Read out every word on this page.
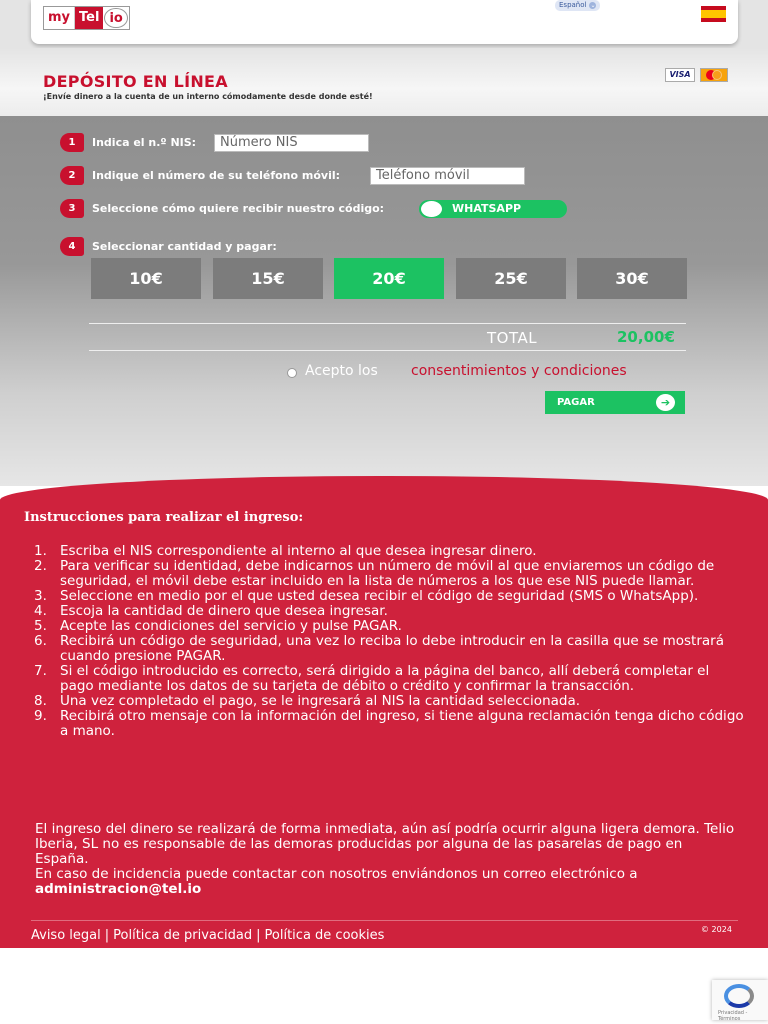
my Tel io
Español ⌄
DEPÓSITO EN LÍNEA
¡Envíe dinero a la cuenta de un interno cómodamente desde donde esté!
VISA
1	Indica el n.º NIS:	Número NIS
2	Indique el número de su teléfono móvil:	Teléfono móvil
3	Seleccione cómo quiere recibir nuestro código:	WHATSAPP
4	Seleccionar cantidad y pagar:
10€	15€	20€	25€	30€
TOTAL	20,00€
Acepto los consentimientos y condiciones
PAGAR	➔
Instrucciones para realizar el ingreso:
1. Escriba el NIS correspondiente al interno al que desea ingresar dinero.
2. Para verificar su identidad, debe indicarnos un número de móvil al que enviaremos un código de seguridad, el móvil debe estar incluido en la lista de números a los que ese NIS puede llamar.
3. Seleccione en medio por el que usted desea recibir el código de seguridad (SMS o WhatsApp).
4. Escoja la cantidad de dinero que desea ingresar.
5. Acepte las condiciones del servicio y pulse PAGAR.
6. Recibirá un código de seguridad, una vez lo reciba lo debe introducir en la casilla que se mostrará cuando presione PAGAR.
7. Si el código introducido es correcto, será dirigido a la página del banco, allí deberá completar el pago mediante los datos de su tarjeta de débito o crédito y confirmar la transacción.
8. Una vez completado el pago, se le ingresará al NIS la cantidad seleccionada.
9. Recibirá otro mensaje con la información del ingreso, si tiene alguna reclamación tenga dicho código a mano.
El ingreso del dinero se realizará de forma inmediata, aún así podría ocurrir alguna ligera demora. Telio Iberia, SL no es responsable de las demoras producidas por alguna de las pasarelas de pago en España.
En caso de incidencia puede contactar con nosotros enviándonos un correo electrónico a administracion@tel.io
Aviso legal | Política de privacidad | Política de cookies	© 2024
Privacidad - Términos
